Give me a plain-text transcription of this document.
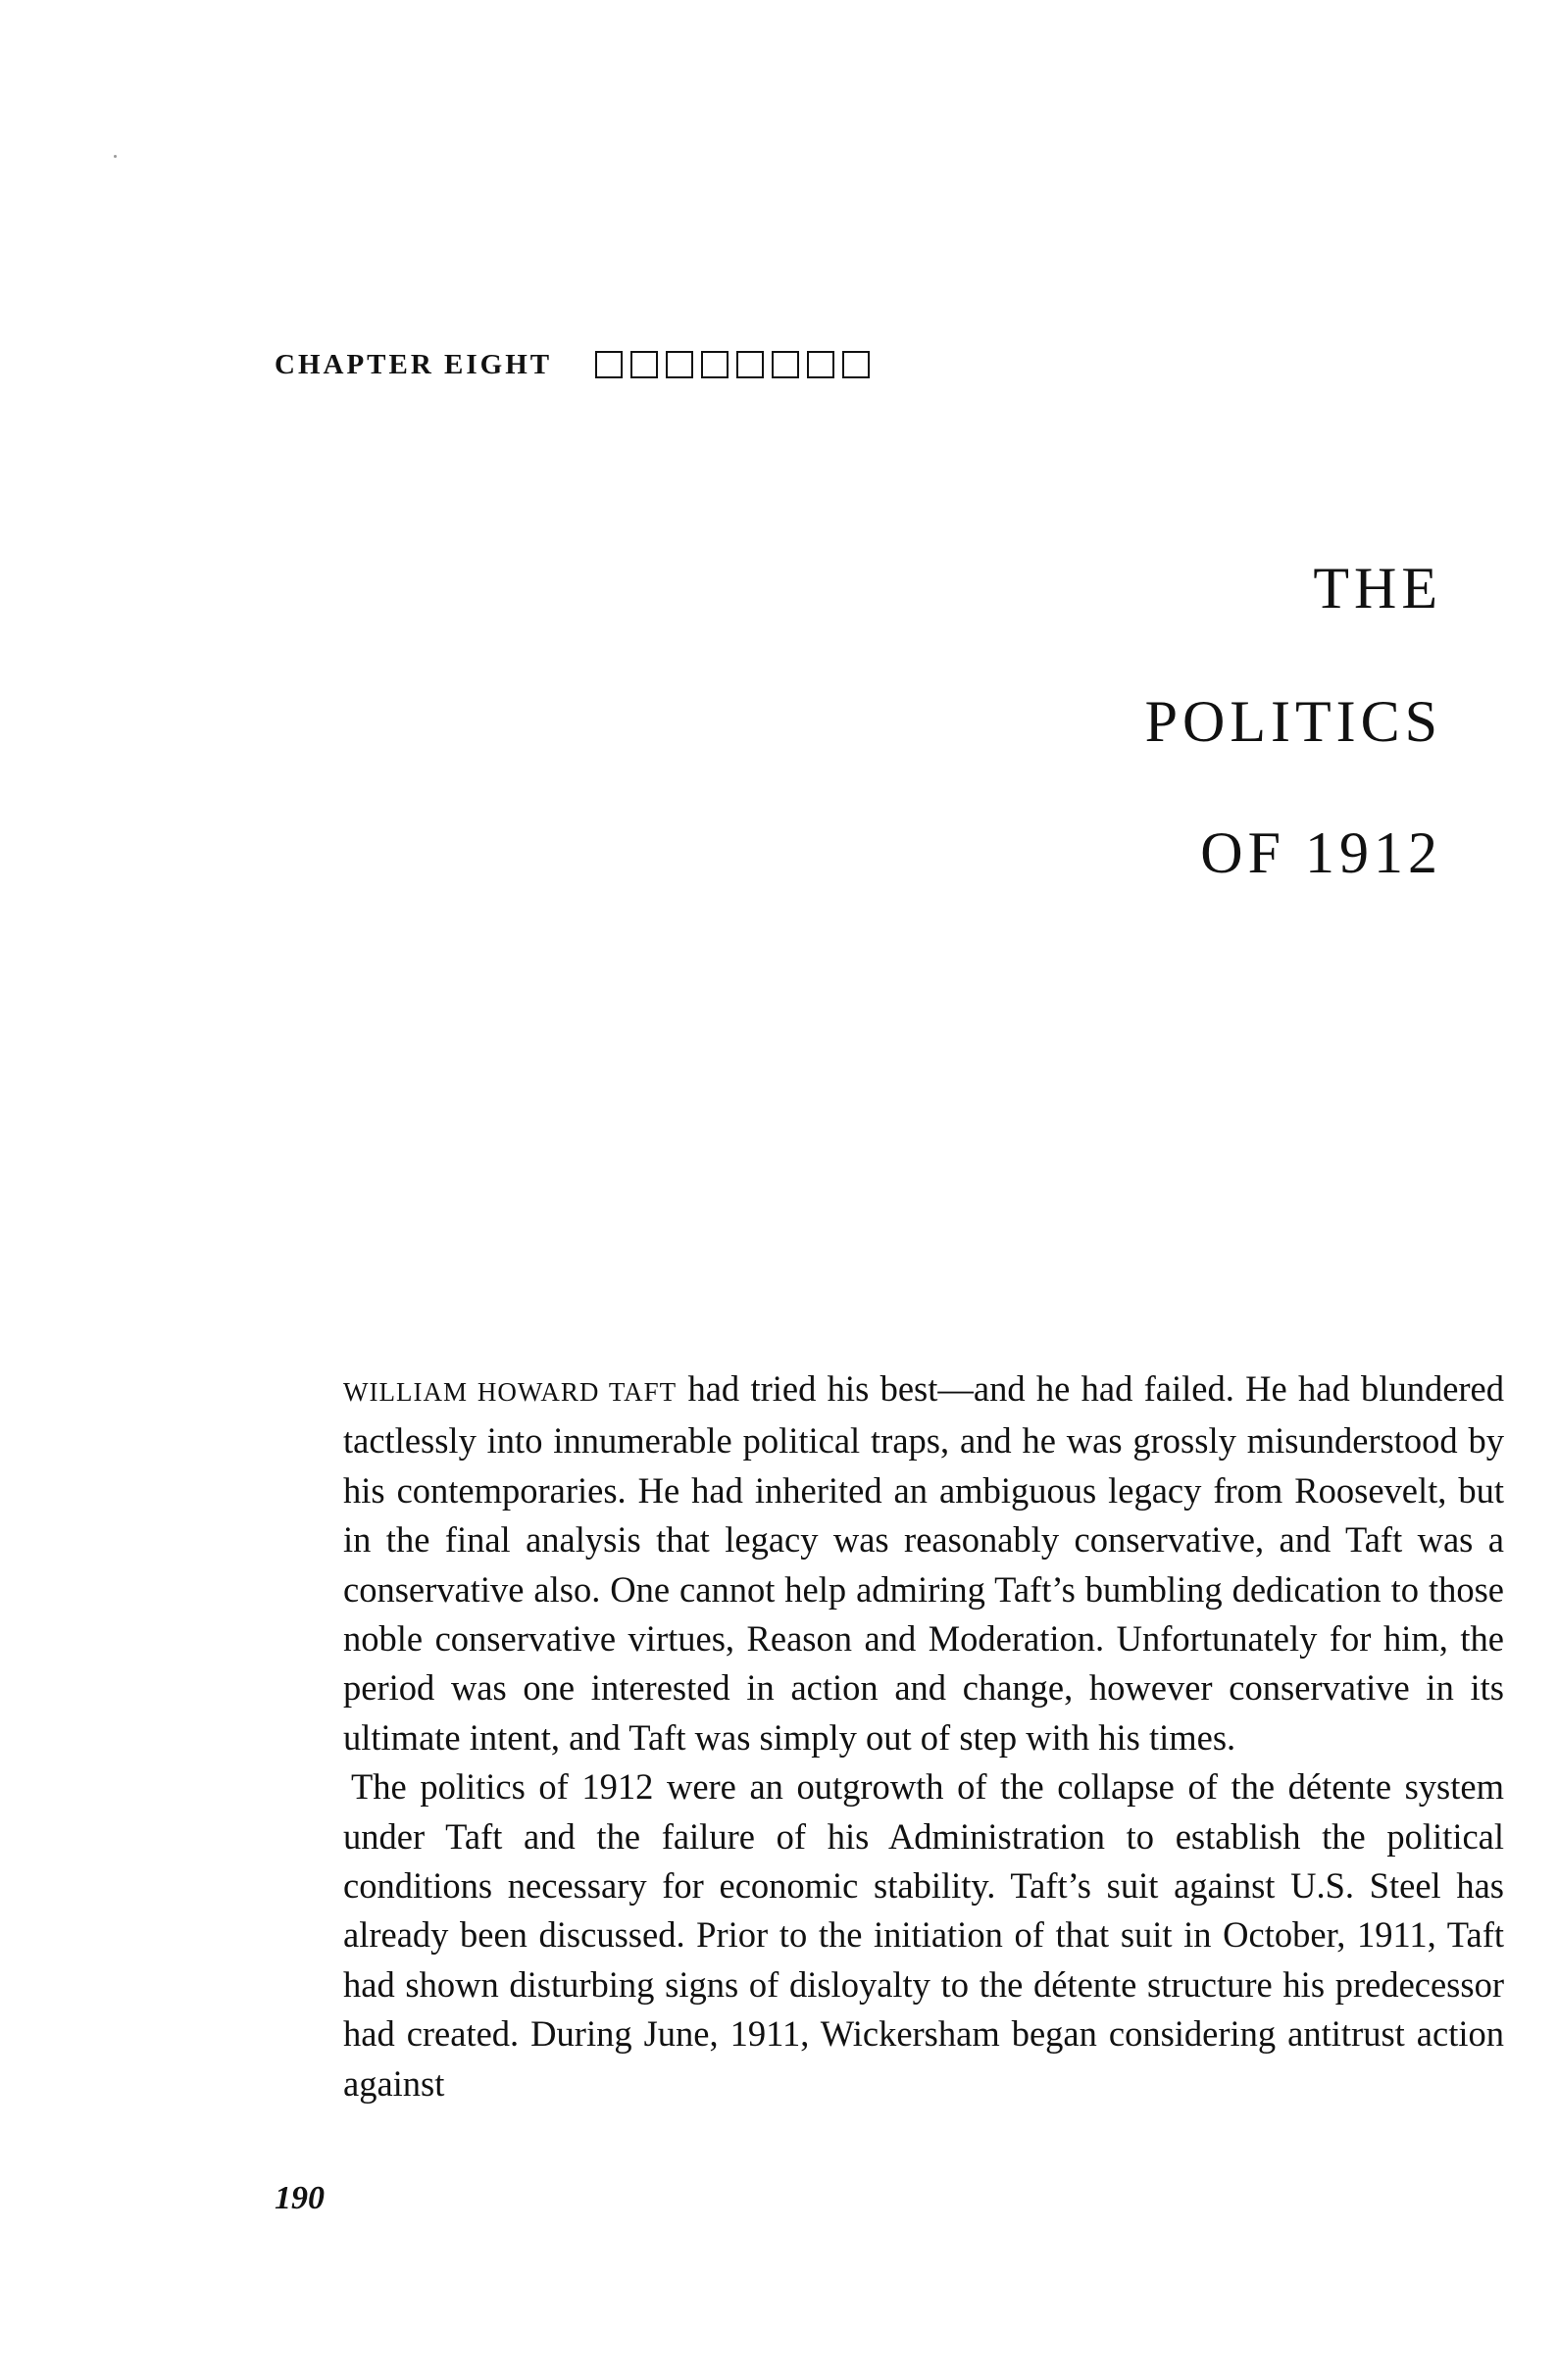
CHAPTER EIGHT
THE
POLITICS
OF 1912

WILLIAM HOWARD TAFT had tried his best—and he had failed. He had blundered tactlessly into innumerable political traps, and he was grossly misunderstood by his contemporaries. He had inherited an ambiguous legacy from Roosevelt, but in the final analysis that legacy was reasonably conservative, and Taft was a conservative also. One cannot help admiring Taft’s bumbling dedication to those noble conservative virtues, Reason and Moderation. Unfortunately for him, the period was one interested in action and change, however conservative in its ultimate intent, and Taft was simply out of step with his times.

The politics of 1912 were an outgrowth of the collapse of the détente system under Taft and the failure of his Administration to establish the political conditions necessary for economic stability. Taft’s suit against U.S. Steel has already been discussed. Prior to the initiation of that suit in October, 1911, Taft had shown disturbing signs of disloyalty to the détente structure his predecessor had created. During June, 1911, Wickersham began considering antitrust action against

190
